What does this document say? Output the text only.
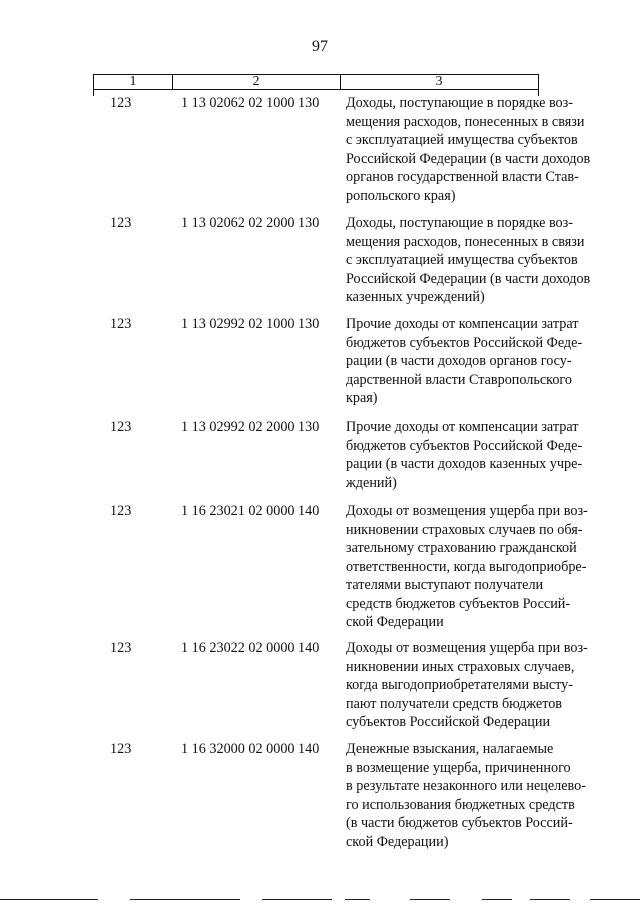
97
1	2	3
123	1 13 02062 02 1000 130	Доходы, поступающие в порядке воз-
мещения расходов, понесенных в связи
с эксплуатацией имущества субъектов
Российской Федерации (в части доходов
органов государственной власти Став-
ропольского края)
123	1 13 02062 02 2000 130	Доходы, поступающие в порядке воз-
мещения расходов, понесенных в связи
с эксплуатацией имущества субъектов
Российской Федерации (в части доходов
казенных учреждений)
123	1 13 02992 02 1000 130	Прочие доходы от компенсации затрат
бюджетов субъектов Российской Феде-
рации (в части доходов органов госу-
дарственной власти Ставропольского
края)
123	1 13 02992 02 2000 130	Прочие доходы от компенсации затрат
бюджетов субъектов Российской Феде-
рации (в части доходов казенных учре-
ждений)
123	1 16 23021 02 0000 140	Доходы от возмещения ущерба при воз-
никновении страховых случаев по обя-
зательному страхованию гражданской
ответственности, когда выгодоприобре-
тателями выступают получатели
средств бюджетов субъектов Россий-
ской Федерации
123	1 16 23022 02 0000 140	Доходы от возмещения ущерба при воз-
никновении иных страховых случаев,
когда выгодоприобретателями высту-
пают получатели средств бюджетов
субъектов Российской Федерации
123	1 16 32000 02 0000 140	Денежные взыскания, налагаемые
в возмещение ущерба, причиненного
в результате незаконного или нецелево-
го использования бюджетных средств
(в части бюджетов субъектов Россий-
ской Федерации)
